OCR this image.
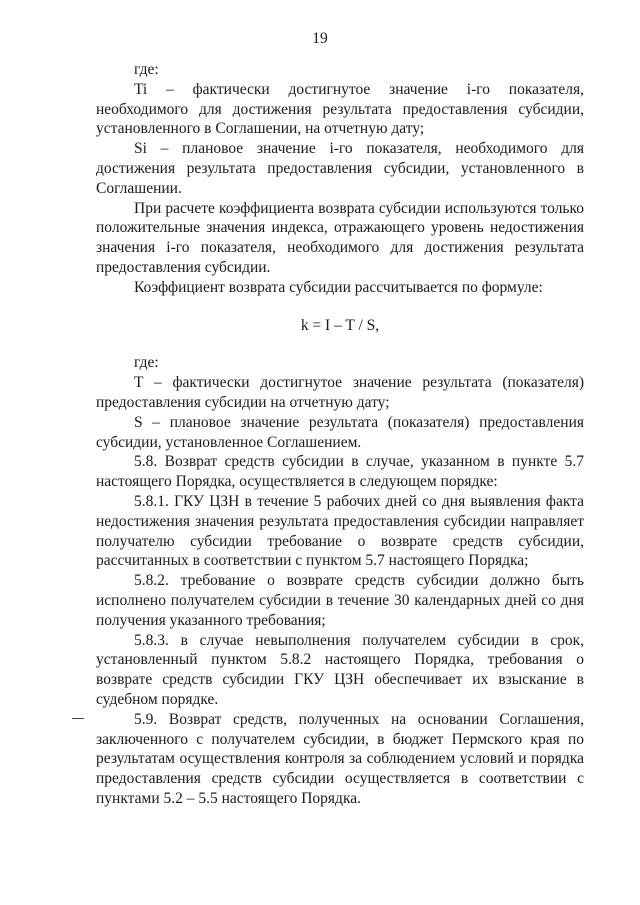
19

где:

Ti – фактически достигнутое значение i-го показателя, необходимого для достижения результата предоставления субсидии, установленного в Соглашении, на отчетную дату;

Si – плановое значение i-го показателя, необходимого для достижения результата предоставления субсидии, установленного в Соглашении.

При расчете коэффициента возврата субсидии используются только положительные значения индекса, отражающего уровень недостижения значения i-го показателя, необходимого для достижения результата предоставления субсидии.

Коэффициент возврата субсидии рассчитывается по формуле:

k = I – T / S,

где:

T – фактически достигнутое значение результата (показателя) предоставления субсидии на отчетную дату;

S – плановое значение результата (показателя) предоставления субсидии, установленное Соглашением.

5.8. Возврат средств субсидии в случае, указанном в пункте 5.7 настоящего Порядка, осуществляется в следующем порядке:

5.8.1. ГКУ ЦЗН в течение 5 рабочих дней со дня выявления факта недостижения значения результата предоставления субсидии направляет получателю субсидии требование о возврате средств субсидии, рассчитанных в соответствии с пунктом 5.7 настоящего Порядка;

5.8.2. требование о возврате средств субсидии должно быть исполнено получателем субсидии в течение 30 календарных дней со дня получения указанного требования;

5.8.3. в случае невыполнения получателем субсидии в срок, установленный пунктом 5.8.2 настоящего Порядка, требования о возврате средств субсидии ГКУ ЦЗН обеспечивает их взыскание в судебном порядке.

5.9. Возврат средств, полученных на основании Соглашения, заключенного с получателем субсидии, в бюджет Пермского края по результатам осуществления контроля за соблюдением условий и порядка предоставления средств субсидии осуществляется в соответствии с пунктами 5.2 – 5.5 настоящего Порядка.
